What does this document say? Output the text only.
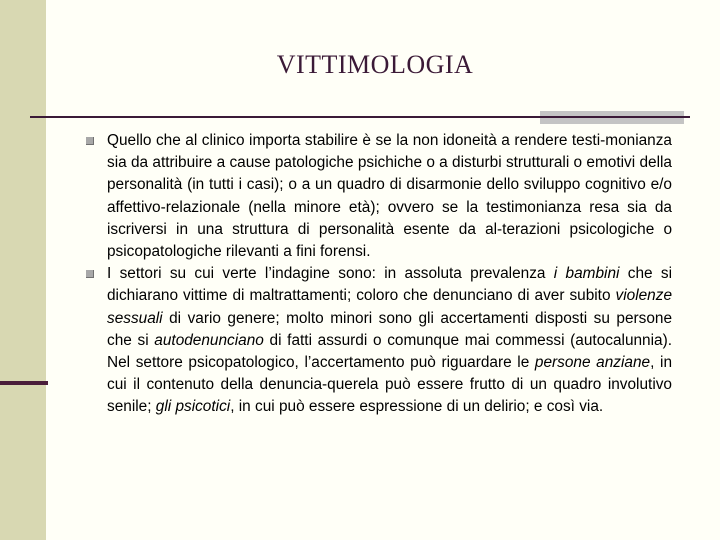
VITTIMOLOGIA
Quello che al clinico importa stabilire è se la non idoneità a rendere testi-monianza sia da attribuire a cause patologiche psichiche o a disturbi strutturali o emotivi della personalità (in tutti i casi); o a un quadro di disarmonie dello sviluppo cognitivo e/o affettivo-relazionale (nella minore età); ovvero se la testimonianza resa sia da iscriversi in una struttura di personalità esente da al-terazioni psicologiche o psicopatologiche rilevanti a fini forensi.
I settori su cui verte l’indagine sono: in assoluta prevalenza i bambini che si dichiarano vittime di maltrattamenti; coloro che denunciano di aver subito violenze sessuali di vario genere; molto minori sono gli accertamenti disposti su persone che si autodenunciano di fatti assurdi o comunque mai commessi (autocalunnia). Nel settore psicopatologico, l’accertamento può riguardare le persone anziane, in cui il contenuto della denuncia-querela può essere frutto di un quadro involutivo senile; gli psicotici, in cui può essere espressione di un delirio; e così via.
